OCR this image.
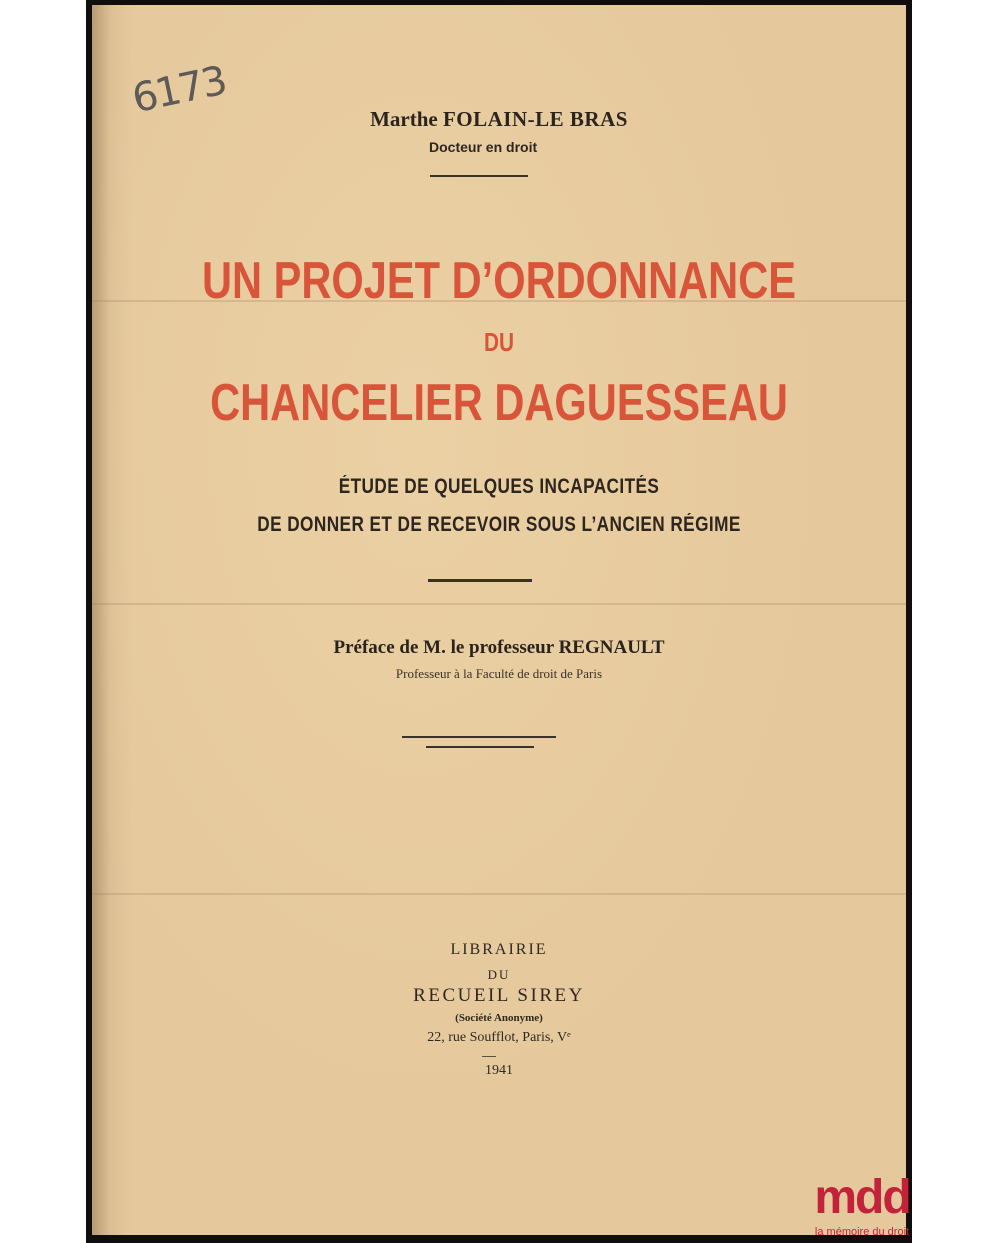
6173	Marthe FOLAIN-LE BRAS
Docteur en droit
UN PROJET D’ORDONNANCE
DU
CHANCELIER DAGUESSEAU
ÉTUDE DE QUELQUES INCAPACITÉS
DE DONNER ET DE RECEVOIR SOUS L’ANCIEN RÉGIME
Préface de M. le professeur REGNAULT
Professeur à la Faculté de droit de Paris
LIBRAIRIE
DU
RECUEIL SIREY
(Société Anonyme)
22, rue Soufflot, Paris, Vᵉ
1941
mdd
la mémoire du droit
